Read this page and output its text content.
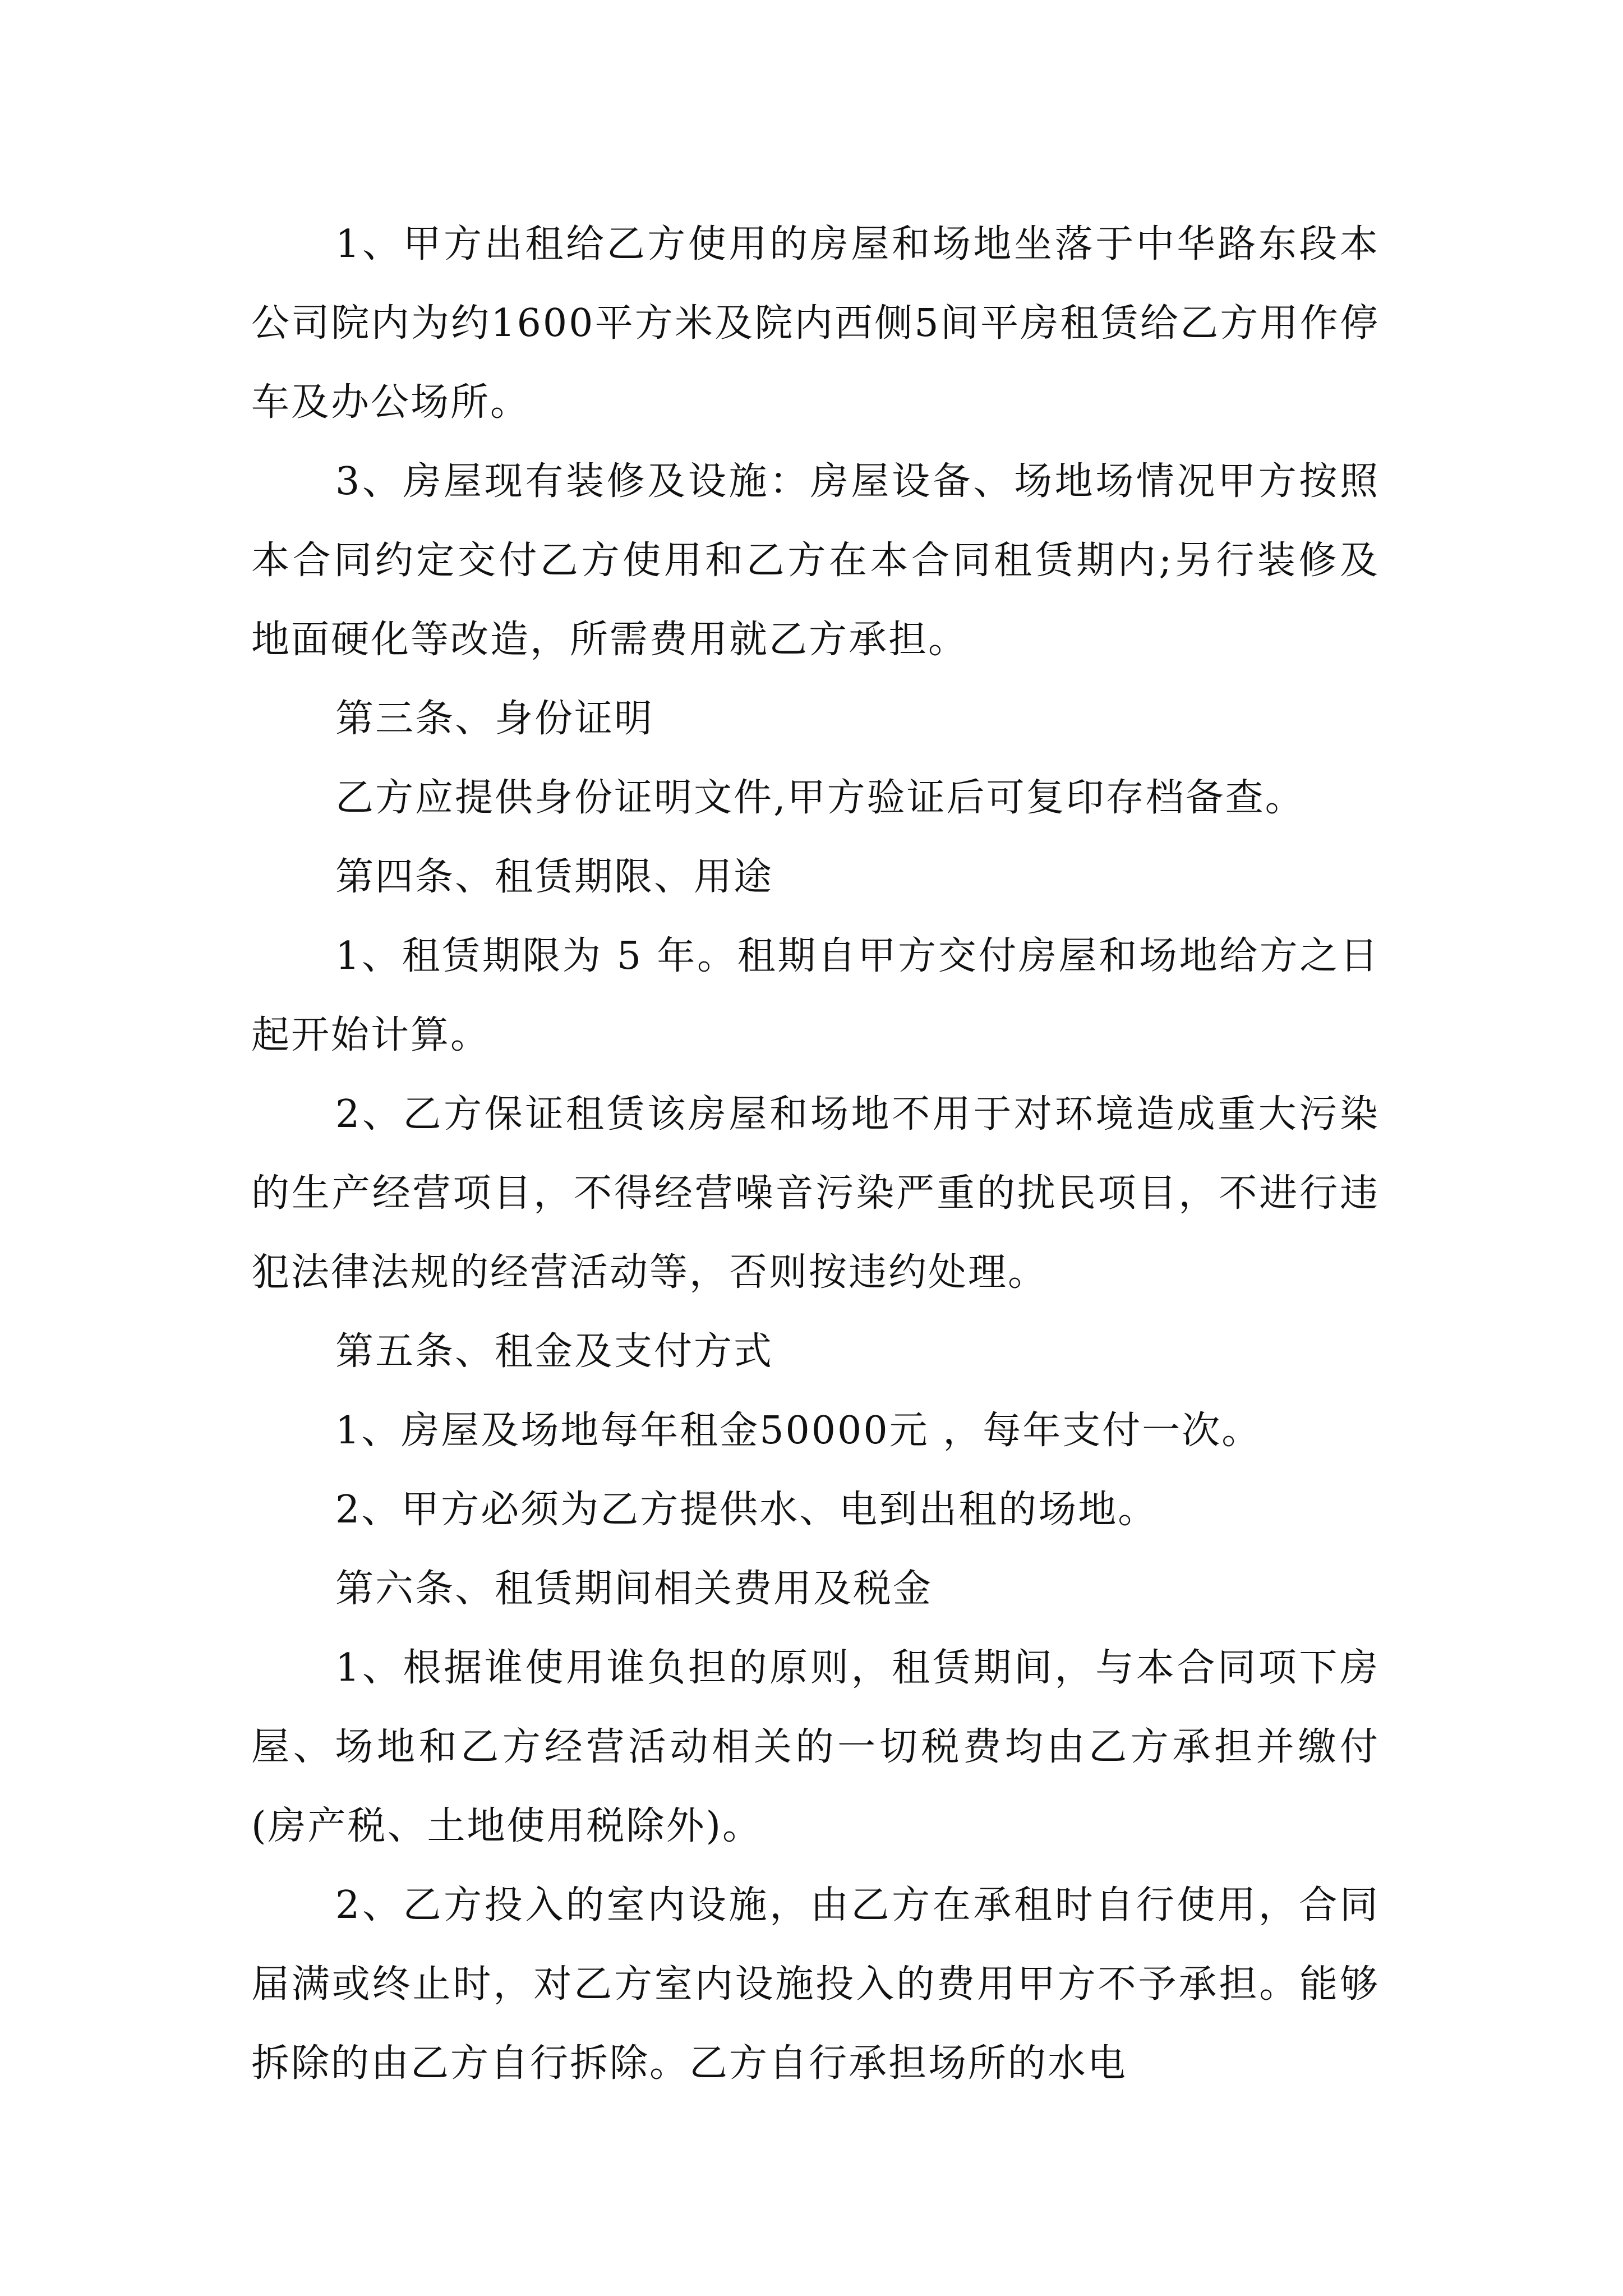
1、甲方出租给乙方使用的房屋和场地坐落于中华路东段本公司院内为约1600平方米及院内西侧5间平房租赁给乙方用作停车及办公场所。

3、房屋现有装修及设施：房屋设备、场地场情况甲方按照本合同约定交付乙方使用和乙方在本合同租赁期内;另行装修及地面硬化等改造，所需费用就乙方承担。

第三条、身份证明

乙方应提供身份证明文件,甲方验证后可复印存档备查。

第四条、租赁期限、用途

1、租赁期限为 5 年。租期自甲方交付房屋和场地给方之日起开始计算。

2、乙方保证租赁该房屋和场地不用于对环境造成重大污染的生产经营项目，不得经营噪音污染严重的扰民项目，不进行违犯法律法规的经营活动等，否则按违约处理。

第五条、租金及支付方式

1、房屋及场地每年租金50000元 ，每年支付一次。

2、甲方必须为乙方提供水、电到出租的场地。

第六条、租赁期间相关费用及税金

1、根据谁使用谁负担的原则，租赁期间，与本合同项下房屋、场地和乙方经营活动相关的一切税费均由乙方承担并缴付(房产税、土地使用税除外)。

2、乙方投入的室内设施，由乙方在承租时自行使用，合同届满或终止时，对乙方室内设施投入的费用甲方不予承担。能够拆除的由乙方自行拆除。乙方自行承担场所的水电
